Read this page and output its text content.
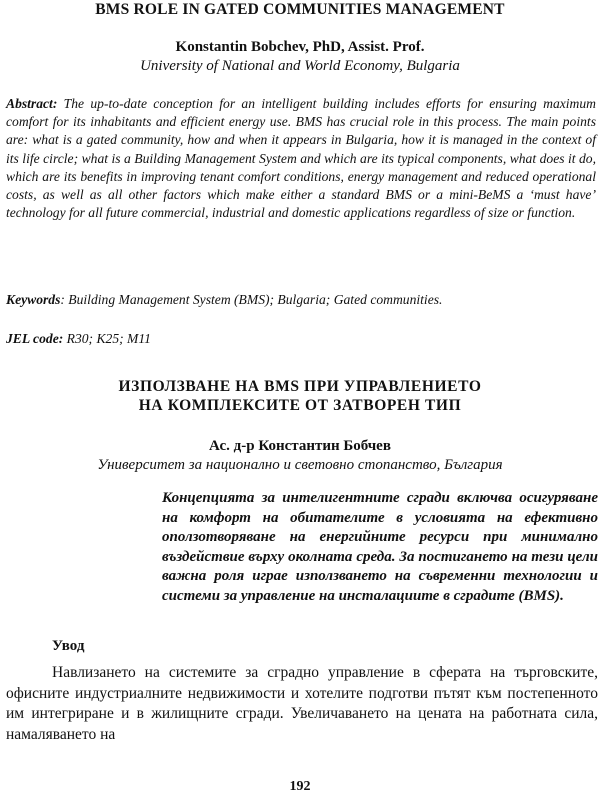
BMS ROLE IN GATED COMMUNITIES MANAGEMENT
Konstantin Bobchev, PhD, Assist. Prof.
University of National and World Economy, Bulgaria
Abstract: The up-to-date conception for an intelligent building includes efforts for ensuring maximum comfort for its inhabitants and efficient energy use. BMS has crucial role in this process. The main points are: what is a gated community, how and when it appears in Bulgaria, how it is managed in the context of its life circle; what is a Building Management System and which are its typical components, what does it do, which are its benefits in improving tenant comfort conditions, energy management and reduced operational costs, as well as all other factors which make either a standard BMS or a mini-BeMS a ‘must have’ technology for all future commercial, industrial and domestic applications regardless of size or function.
Keywords: Building Management System (BMS); Bulgaria; Gated communities.
JEL code: R30; K25; M11
ИЗПОЛЗВАНЕ НА BMS ПРИ УПРАВЛЕНИЕТО
НА КОМПЛЕКСИТЕ ОТ ЗАТВОРЕН ТИП
Ас. д-р Константин Бобчев
Университет за национално и световно стопанство, България
Концепцията за интелигентните сгради включва осигуряване на комфорт на обитателите в условията на ефективно оползотворяване на енергийните ресурси при минимално въздействие върху околната среда. За постигането на тези цели важна роля играе използването на съвременни технологии и системи за управление на инсталациите в сградите (BMS).
Увод
Навлизането на системите за сградно управление в сферата на търговските, офисните индустриалните недвижимости и хотелите подготви пътят към постепенното им интегриране и в жилищните сгради. Увеличаването на цената на работната сила, намаляването на
192
